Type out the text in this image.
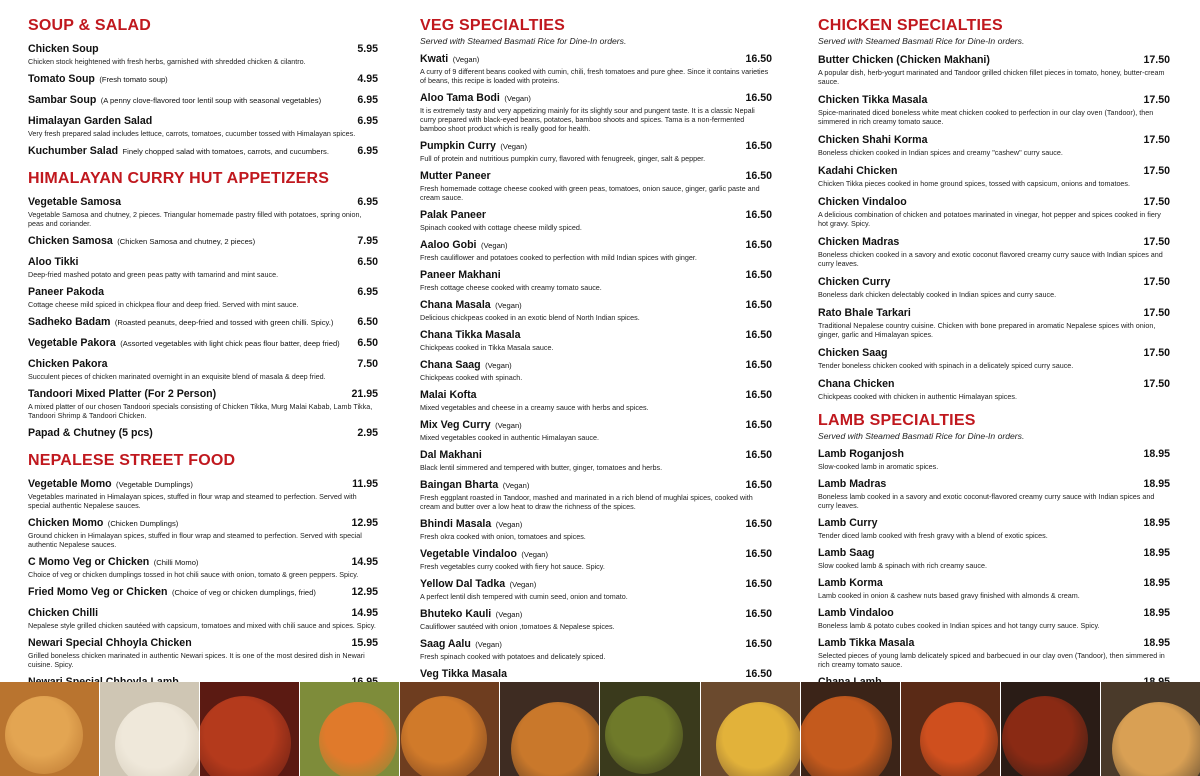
SOUP & SALAD
Chicken Soup	5.95
Chicken stock heightened with fresh herbs, garnished with shredded chicken & cilantro.
Tomato Soup (Fresh tomato soup)	4.95
Sambar Soup (A penny clove-flavored toor lentil soup with seasonal vegetables)	6.95
Himalayan Garden Salad	6.95
Very fresh prepared salad includes lettuce, carrots, tomatoes, cucumber tossed with Himalayan spices.
Kuchumber Salad Finely chopped salad with tomatoes, carrots, and cucumbers.	6.95
HIMALAYAN CURRY HUT APPETIZERS
Vegetable Samosa	6.95
Vegetable Samosa and chutney, 2 pieces. Triangular homemade pastry filled with potatoes, spring onion, peas and coriander.
Chicken Samosa (Chicken Samosa and chutney, 2 pieces)	7.95
Aloo Tikki	6.50
Deep-fried mashed potato and green peas patty with tamarind and mint sauce.
Paneer Pakoda	6.95
Cottage cheese mild spiced in chickpea flour and deep fried. Served with mint sauce.
Sadheko Badam (Roasted peanuts, deep-fried and tossed with green chilli. Spicy.)	6.50
Vegetable Pakora (Assorted vegetables with light chick peas flour batter, deep fried)	6.50
Chicken Pakora	7.50
Succulent pieces of chicken marinated overnight in an exquisite blend of masala & deep fried.
Tandoori Mixed Platter (For 2 Person)	21.95
A mixed platter of our chosen Tandoori specials consisting of Chicken Tikka, Murg Malai Kabab, Lamb Tikka, Tandoori Shrimp & Tandoori Chicken.
Papad & Chutney (5 pcs)	2.95
NEPALESE STREET FOOD
Vegetable Momo (Vegetable Dumplings)	11.95
Vegetables marinated in Himalayan spices, stuffed in flour wrap and steamed to perfection. Served with special authentic Nepalese sauces.
Chicken Momo (Chicken Dumplings)	12.95
Ground chicken in Himalayan spices, stuffed in flour wrap and steamed to perfection. Served with special authentic Nepalese sauces.
C Momo Veg or Chicken (Chilli Momo)	14.95
Choice of veg or chicken dumplings tossed in hot chili sauce with onion, tomato & green peppers. Spicy.
Fried Momo Veg or Chicken (Choice of veg or chicken dumplings, fried)	12.95
Chicken Chilli	14.95
Nepalese style grilled chicken sautéed with capsicum, tomatoes and mixed with chili sauce and spices. Spicy.
Newari Special Chhoyla Chicken	15.95
Grilled boneless chicken marinated in authentic Newari spices. It is one of the most desired dish in Newari cuisine. Spicy.
VEG SPECIALTIES

Served with Steamed Basmati Rice for Dine-In orders.

Kwati (Vegan)	16.50
A curry of 9 different beans cooked with cumin, chili, fresh tomatoes and pure ghee. Since it contains varieties of beans, this recipe is loaded with proteins.
Aloo Tama Bodi (Vegan)	16.50
It is extremely tasty and very appetizing mainly for its slightly sour and pungent taste. It is a classic Nepali curry prepared with black-eyed beans, potatoes, bamboo shoots and spices. Tama is a non-fermented bamboo shoot product which is really good for health.
Pumpkin Curry (Vegan)	16.50
Full of protein and nutritious pumpkin curry, flavored with fenugreek, ginger, salt & pepper.
Mutter Paneer	16.50
Fresh homemade cottage cheese cooked with green peas, tomatoes, onion sauce, ginger, garlic paste and cream sauce.
Palak Paneer	16.50
Spinach cooked with cottage cheese mildly spiced.
Aaloo Gobi (Vegan)	16.50
Fresh cauliflower and potatoes cooked to perfection with mild Indian spices with ginger.
Paneer Makhani	16.50
Fresh cottage cheese cooked with creamy tomato sauce.
Chana Masala (Vegan)	16.50
Delicious chickpeas cooked in an exotic blend of North Indian spices.
Chana Tikka Masala	16.50
Chickpeas cooked in Tikka Masala sauce.
Chana Saag (Vegan)	16.50
Chickpeas cooked with spinach.
Malai Kofta	16.50
Mixed vegetables and cheese in a creamy sauce with herbs and spices.
Mix Veg Curry (Vegan)	16.50
Mixed vegetables cooked in authentic Himalayan sauce.
Dal Makhani	16.50
Black lentil simmered and tempered with butter, ginger, tomatoes and herbs.
Baingan Bharta (Vegan)	16.50
Fresh eggplant roasted in Tandoor, mashed and marinated in a rich blend of mughlai spices, cooked with cream and butter over a low heat to draw the richness of the spices.
Bhindi Masala (Vegan)	16.50
Fresh okra cooked with onion, tomatoes and spices.
Vegetable Vindaloo (Vegan)	16.50
Fresh vegetables curry cooked with fiery hot sauce. Spicy.
Yellow Dal Tadka (Vegan)	16.50
A perfect lentil dish tempered with cumin seed, onion and tomato.
Bhuteko Kauli (Vegan)	16.50
Cauliflower sautéed with onion ,tomatoes & Nepalese spices.
Saag Aalu (Vegan)	16.50
Fresh spinach cooked with potatoes and delicately spiced.
Veg Tikka Masala	16.50
CHICKEN SPECIALTIES

Served with Steamed Basmati Rice for Dine-In orders.

Butter Chicken (Chicken Makhani)	17.50
A popular dish, herb-yogurt marinated and Tandoor grilled chicken fillet pieces in tomato, honey, butter-cream sauce.
Chicken Tikka Masala	17.50
Spice-marinated diced boneless white meat chicken cooked to perfection in our clay oven (Tandoor), then simmered in rich creamy tomato sauce.
Chicken Shahi Korma	17.50
Boneless chicken cooked in Indian spices and creamy "cashew" curry sauce.
Kadahi Chicken	17.50
Chicken Tikka pieces cooked in home ground spices, tossed with capsicum, onions and tomatoes.
Chicken Vindaloo	17.50
A delicious combination of chicken and potatoes marinated in vinegar, hot pepper and spices cooked in fiery hot gravy. Spicy.
Chicken Madras	17.50
Boneless chicken cooked in a savory and exotic coconut flavored creamy curry sauce with Indian spices and curry leaves.
Chicken Curry	17.50
Boneless dark chicken delectably cooked in Indian spices and curry sauce.
Rato Bhale Tarkari	17.50
Traditional Nepalese country cuisine. Chicken with bone prepared in aromatic Nepalese spices with onion, ginger, garlic and Himalayan spices.
Chicken Saag	17.50
Tender boneless chicken cooked with spinach in a delicately spiced curry sauce.
Chana Chicken	17.50
Chickpeas cooked with chicken in authentic Himalayan spices.
LAMB SPECIALTIES

Served with Steamed Basmati Rice for Dine-In orders.

Lamb Roganjosh	18.95
Slow-cooked lamb in aromatic spices.
Lamb Madras	18.95
Boneless lamb cooked in a savory and exotic coconut-flavored creamy curry sauce with Indian spices and curry leaves.
Lamb Curry	18.95
Tender diced lamb cooked with fresh gravy with a blend of exotic spices.
Lamb Saag	18.95
Slow cooked lamb & spinach with rich creamy sauce.
Lamb Korma	18.95
Lamb cooked in onion & cashew nuts based gravy finished with almonds & cream.
Lamb Vindaloo	18.95
Boneless lamb & potato cubes cooked in Indian spices and hot tangy curry sauce. Spicy.
Lamb Tikka Masala	18.95
Selected pieces of young lamb delicately spiced and barbecued in our clay oven (Tandoor), then simmered in rich creamy tomato sauce.
